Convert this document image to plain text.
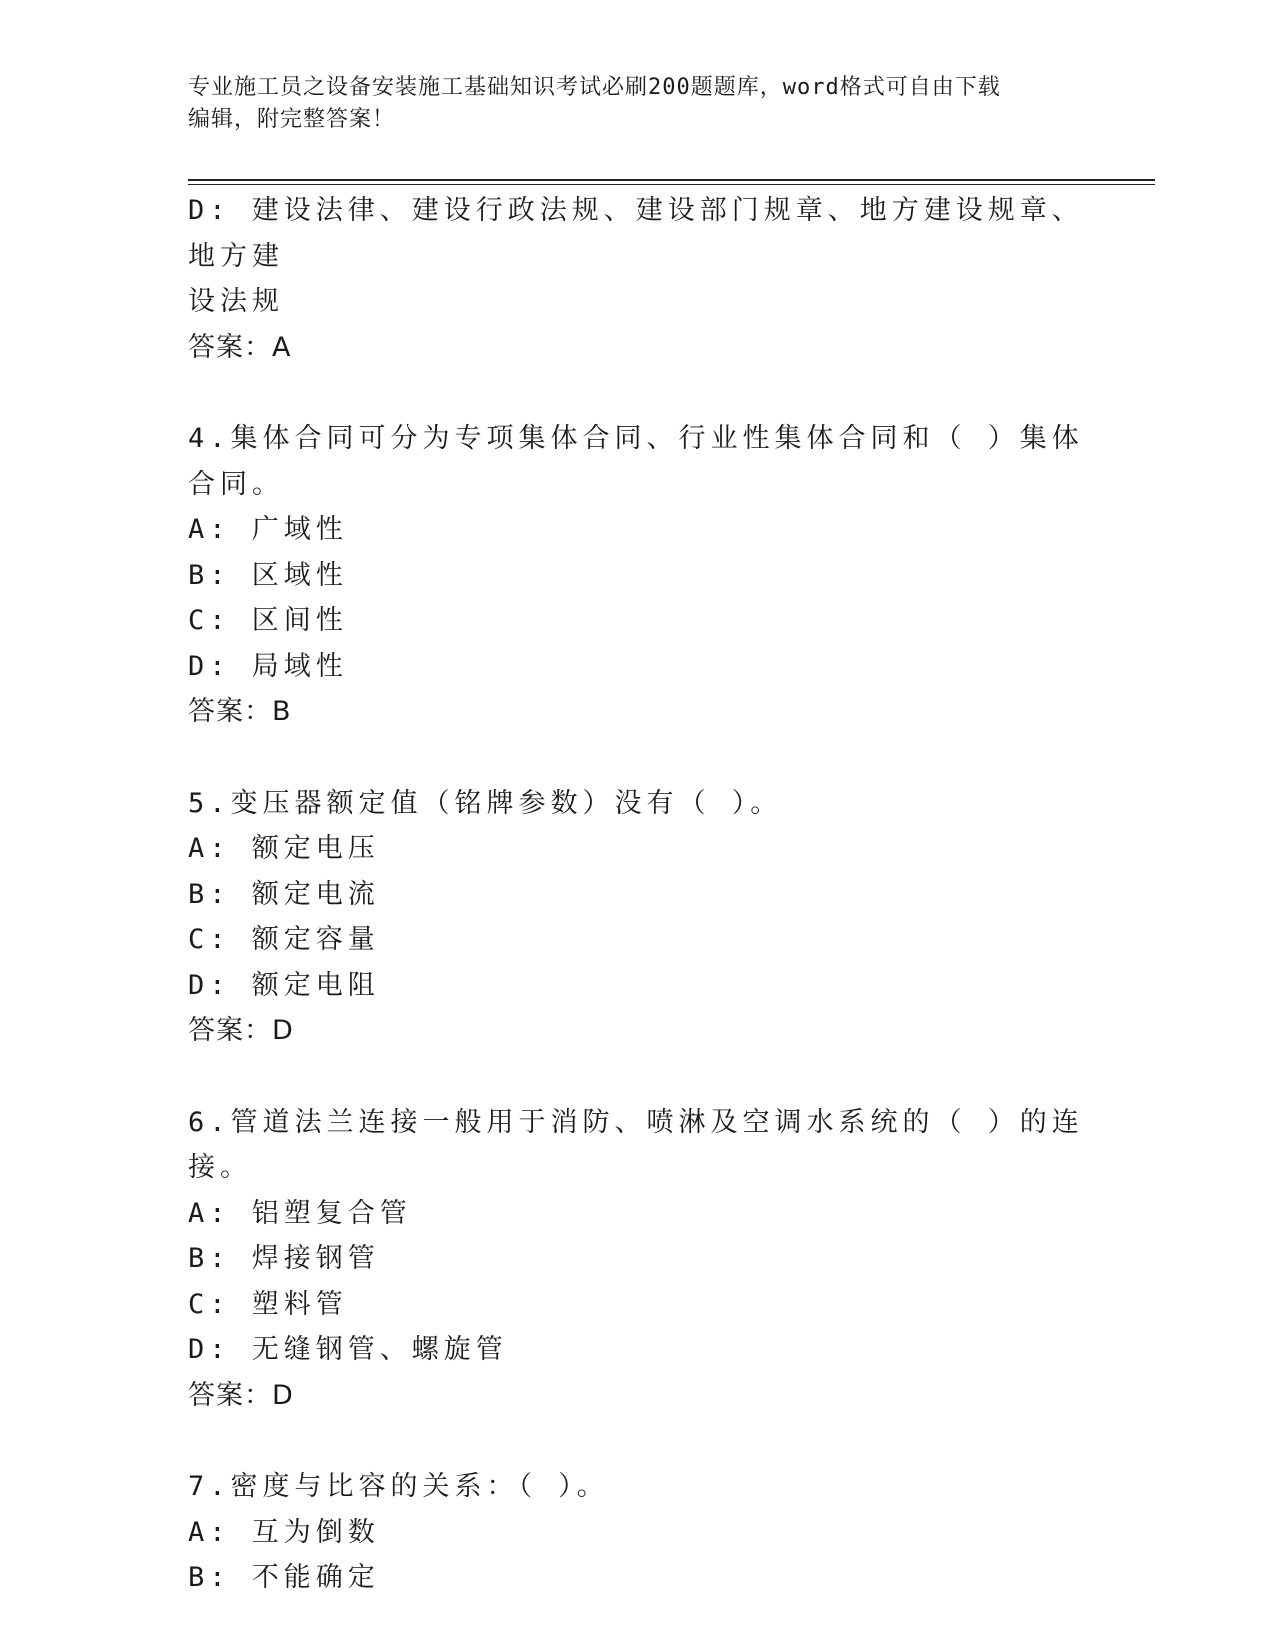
专业施工员之设备安装施工基础知识考试必刷200题题库，word格式可自由下载
编辑，附完整答案！
D: 建设法律、建设行政法规、建设部门规章、地方建设规章、地方建
设法规
答案：A
4.集体合同可分为专项集体合同、行业性集体合同和（ ）集体合同。
A: 广域性
B: 区域性
C: 区间性
D: 局域性
答案：B
5.变压器额定值（铭牌参数）没有（ ）。
A: 额定电压
B: 额定电流
C: 额定容量
D: 额定电阻
答案：D
6.管道法兰连接一般用于消防、喷淋及空调水系统的（ ）的连接。
A: 铝塑复合管
B: 焊接钢管
C: 塑料管
D: 无缝钢管、螺旋管
答案：D
7.密度与比容的关系：（ ）。
A: 互为倒数
B: 不能确定
